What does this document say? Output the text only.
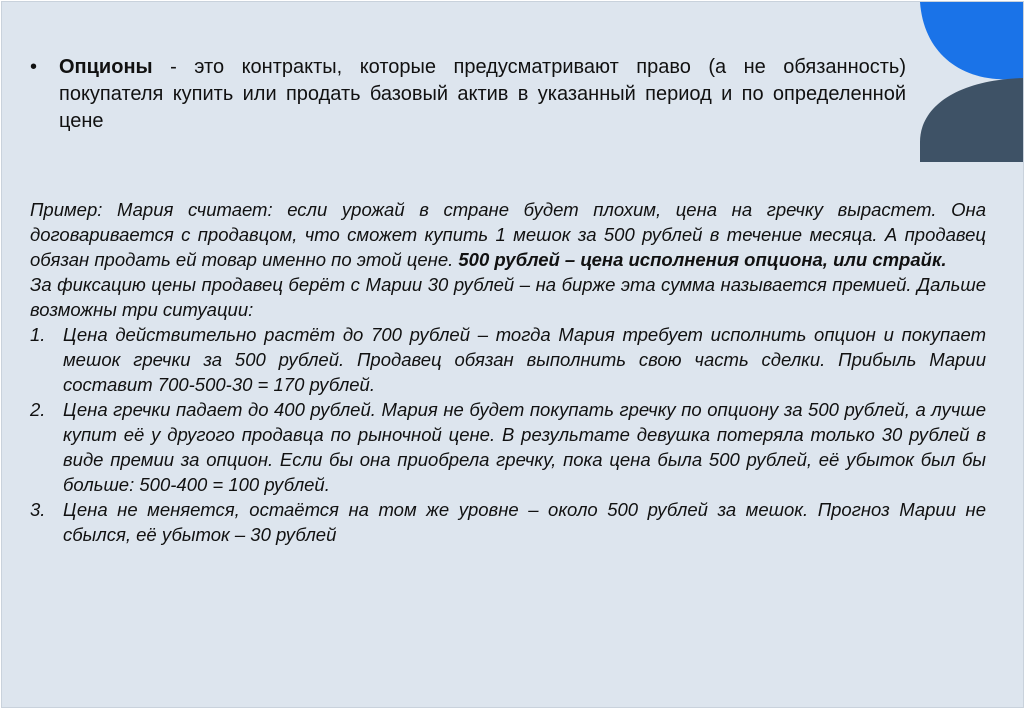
• Опционы - это контракты, которые предусматривают право (а не обязанность) покупателя купить или продать базовый актив в указанный период и по определенной цене

Пример: Мария считает: если урожай в стране будет плохим, цена на гречку вырастет. Она договаривается с продавцом, что сможет купить 1 мешок за 500 рублей в течение месяца. А продавец обязан продать ей товар именно по этой цене. 500 рублей – цена исполнения опциона, или страйк.

За фиксацию цены продавец берёт с Марии 30 рублей – на бирже эта сумма называется премией. Дальше возможны три ситуации:

1. Цена действительно растёт до 700 рублей – тогда Мария требует исполнить опцион и покупает мешок гречки за 500 рублей. Продавец обязан выполнить свою часть сделки. Прибыль Марии составит 700-500-30 = 170 рублей.
2. Цена гречки падает до 400 рублей. Мария не будет покупать гречку по опциону за 500 рублей, а лучше купит её у другого продавца по рыночной цене. В результате девушка потеряла только 30 рублей в виде премии за опцион. Если бы она приобрела гречку, пока цена была 500 рублей, её убыток был бы больше: 500-400 = 100 рублей.
3. Цена не меняется, остаётся на том же уровне – около 500 рублей за мешок. Прогноз Марии не сбылся, её убыток – 30 рублей
